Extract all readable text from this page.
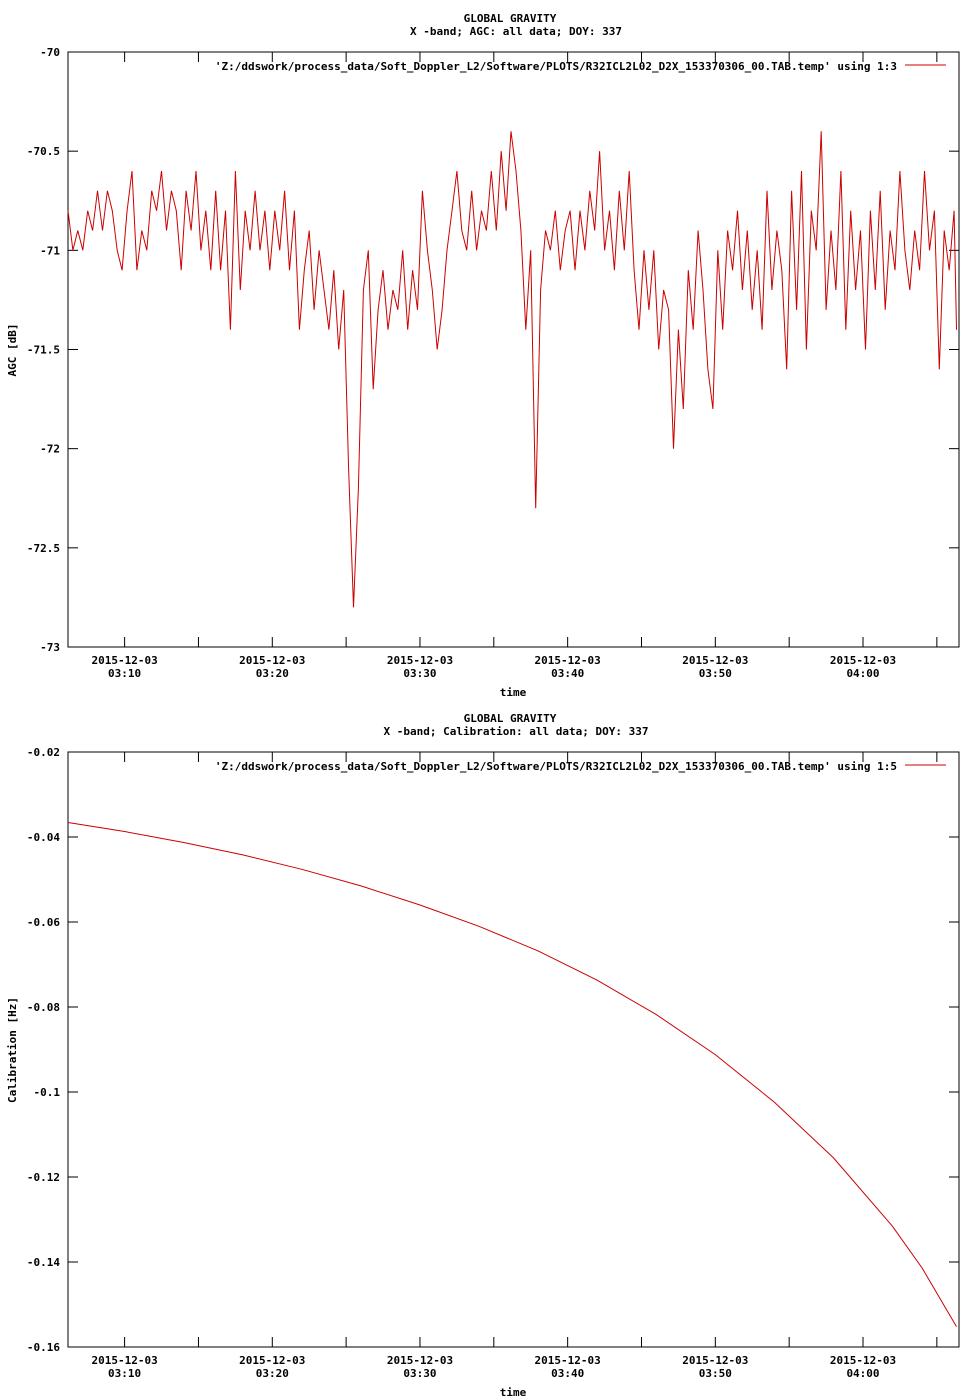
GLOBAL GRAVITY
X -band; AGC: all data; DOY: 337
-70
-70.5
-71
-71.5
-72
-72.5
-73
2015-12-03
03:10
2015-12-03
03:20
2015-12-03
03:30
2015-12-03
03:40
2015-12-03
03:50
2015-12-03
04:00
time
AGC [dB]
'Z:/ddswork/process_data/Soft_Doppler_L2/Software/PLOTS/R32ICL2L02_D2X_153370306_00.TAB.temp' using 1:3
GLOBAL GRAVITY
X -band; Calibration: all data; DOY: 337
-0.02
-0.04
-0.06
-0.08
-0.1
-0.12
-0.14
-0.16
2015-12-03
03:10
2015-12-03
03:20
2015-12-03
03:30
2015-12-03
03:40
2015-12-03
03:50
2015-12-03
04:00
time
Calibration [Hz]
'Z:/ddswork/process_data/Soft_Doppler_L2/Software/PLOTS/R32ICL2L02_D2X_153370306_00.TAB.temp' using 1:5
